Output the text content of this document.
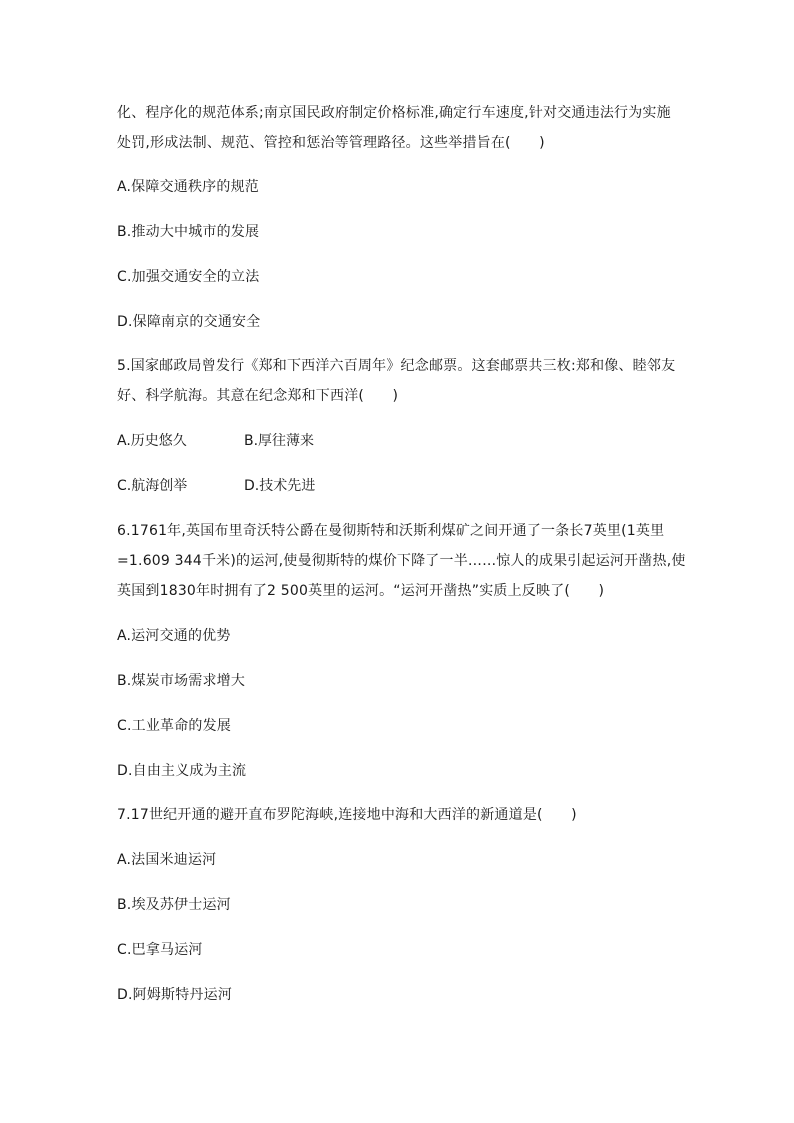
化、程序化的规范体系;南京国民政府制定价格标准,确定行车速度,针对交通违法行为实施
处罚,形成法制、规范、管控和惩治等管理路径。这些举措旨在(　　)
A.保障交通秩序的规范
B.推动大中城市的发展
C.加强交通安全的立法
D.保障南京的交通安全
5.国家邮政局曾发行《郑和下西洋六百周年》纪念邮票。这套邮票共三枚:郑和像、睦邻友
好、科学航海。其意在纪念郑和下西洋(　　)
A.历史悠久	B.厚往薄来
C.航海创举	D.技术先进
6.1761年,英国布里奇沃特公爵在曼彻斯特和沃斯利煤矿之间开通了一条长7英里(1英里
=1.609 344千米)的运河,使曼彻斯特的煤价下降了一半……惊人的成果引起运河开凿热,使
英国到1830年时拥有了2 500英里的运河。“运河开凿热”实质上反映了(　　)
A.运河交通的优势
B.煤炭市场需求增大
C.工业革命的发展
D.自由主义成为主流
7.17世纪开通的避开直布罗陀海峡,连接地中海和大西洋的新通道是(　　)
A.法国米迪运河
B.埃及苏伊士运河
C.巴拿马运河
D.阿姆斯特丹运河
